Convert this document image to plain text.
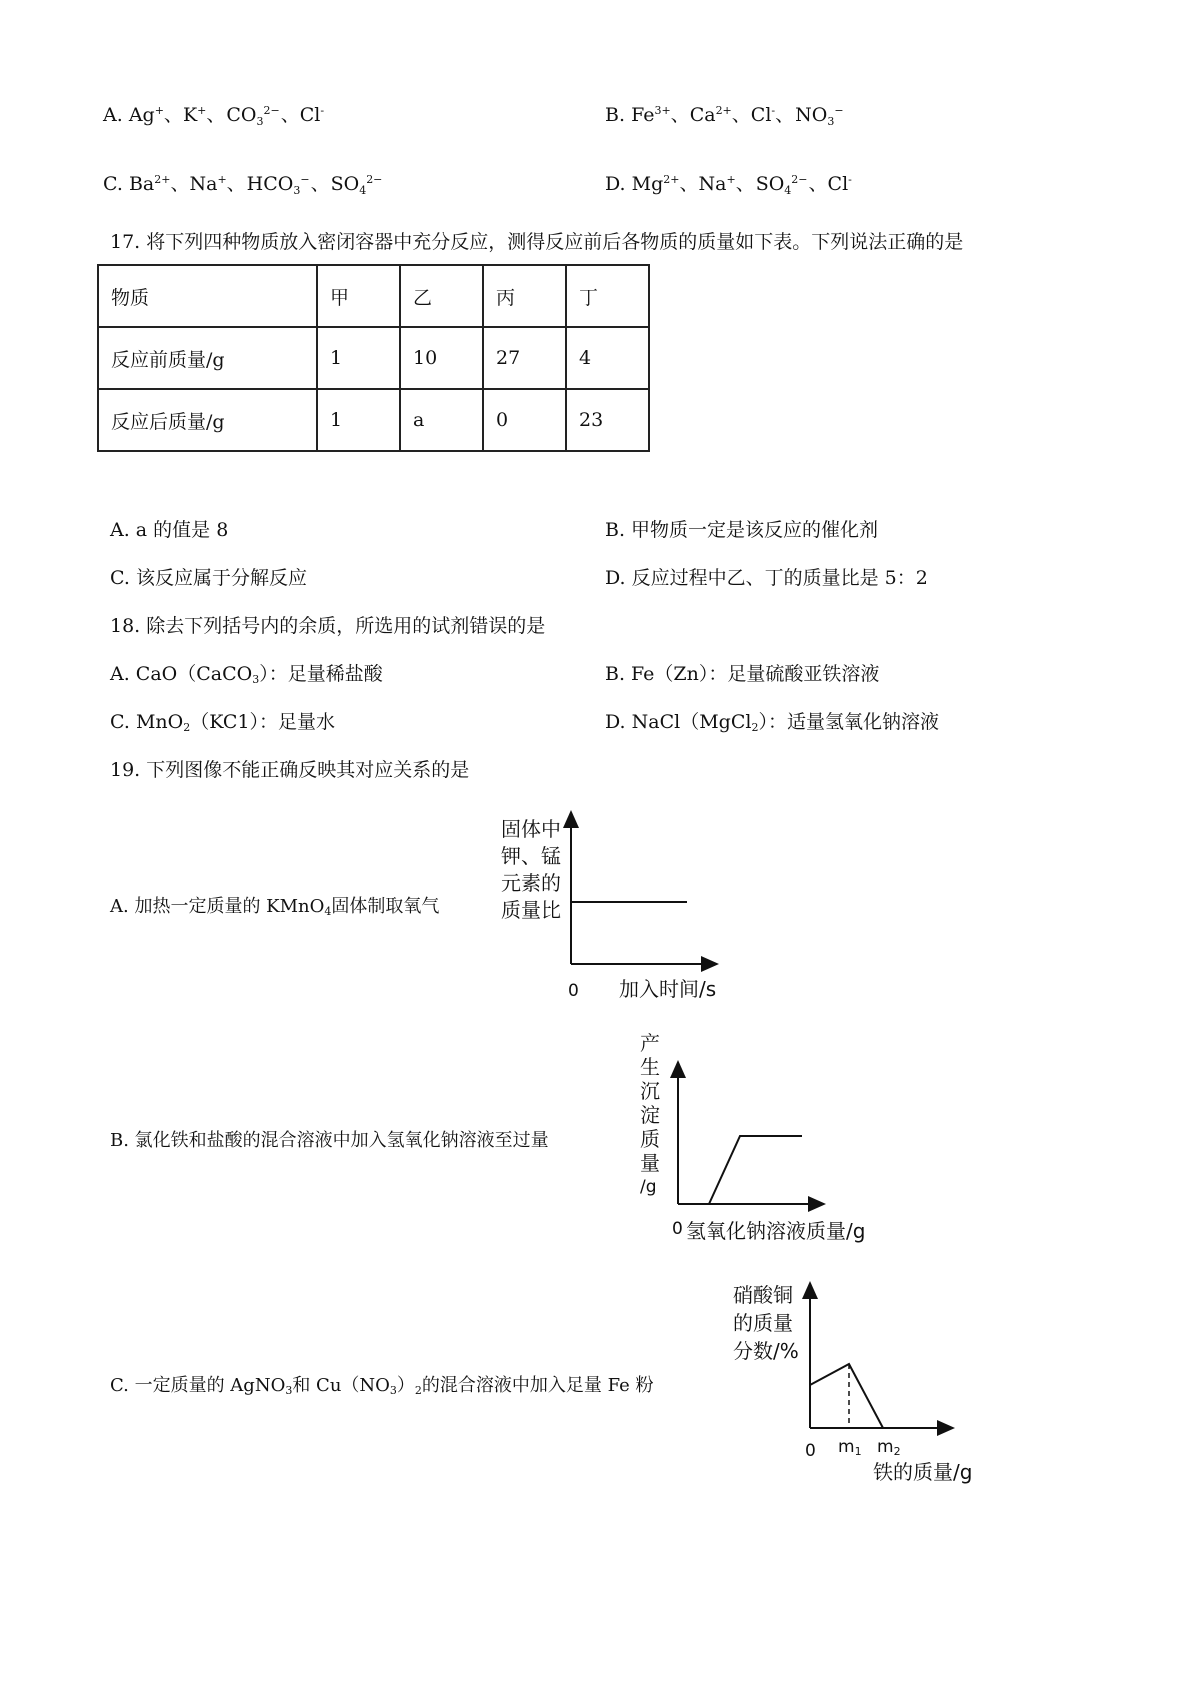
A. Ag+、K+、$CO_3^{2-}$、Cl-	B. $Fe^{3+}$、$Ca^{2+}$、Cl-、$NO_3^-$
C. $Ba^{2+}$、Na+、$HCO_3^-$、$SO_4^{2-}$	D. $Mg^{2+}$、Na+、$SO_4^{2-}$、Cl-
17. 将下列四种物质放入密闭容器中充分反应，测得反应前后各物质的质量如下表。下列说法正确的是
物质	甲	乙	丙	丁
反应前质量/g	1	10	27	4
反应后质量/g	1	a	0	23
A. a 的值是 8	B. 甲物质一定是该反应的催化剂
C. 该反应属于分解反应	D. 反应过程中乙、丁的质量比是 5：2
18. 除去下列括号内的余质，所选用的试剂错误的是
A. CaO（CaCO$_3$）：足量稀盐酸	B. Fe（Zn）：足量硫酸亚铁溶液
C. MnO$_2$（KC1）：足量水	D. NaCl（MgCl$_2$）：适量氢氧化钠溶液
19. 下列图像不能正确反映其对应关系的是
A. 加热一定质量的 KMnO$_4$固体制取氧气
固体中
钾、锰
元素的
质量比
0 加入时间/s
B. 氯化铁和盐酸的混合溶液中加入氢氧化钠溶液至过量
产
生
沉
淀
质
量
/g
0 氢氧化钠溶液质量/g
C. 一定质量的 AgNO$_3$和 $Cu(NO_3)_2$的混合溶液中加入足量 Fe 粉
硝酸铜
的质量
分数/%
0 m1 m2
铁的质量/g
